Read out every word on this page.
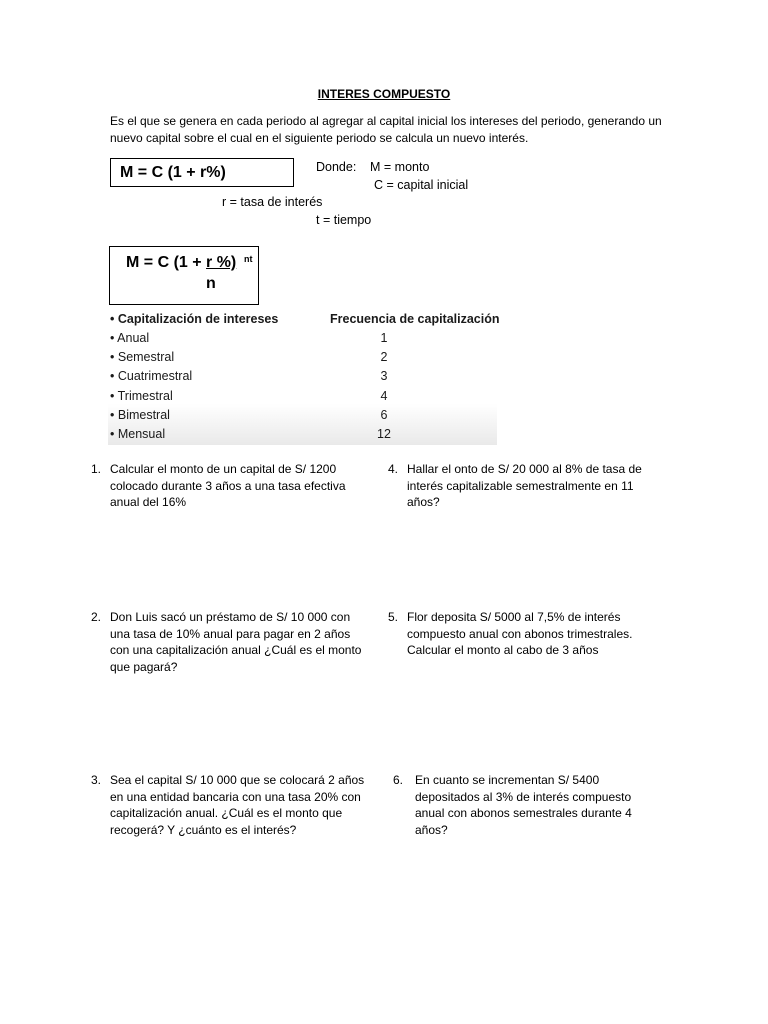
INTERES COMPUESTO
Es el que se genera en cada periodo al agregar al capital inicial los intereses del periodo, generando un nuevo capital sobre el cual en el siguiente periodo se calcula un nuevo interés.
M = C (1 + r%)	Donde: M = monto
C = capital inicial
r = tasa de interés
t = tiempo
M = C (1 + r %) nt
n
• Capitalización de intereses	Frecuencia de capitalización
• Anual	1
• Semestral	2
• Cuatrimestral	3
• Trimestral	4
• Bimestral	6
• Mensual	12
1. Calcular el monto de un capital de S/ 1200 colocado durante 3 años a una tasa efectiva anual del 16%
2. Don Luis sacó un préstamo de S/ 10 000 con una tasa de 10% anual para pagar en 2 años con una capitalización anual ¿Cuál es el monto que pagará?
3. Sea el capital S/ 10 000 que se colocará 2 años en una entidad bancaria con una tasa 20% con capitalización anual. ¿Cuál es el monto que recogerá? Y ¿cuánto es el interés?
4. Hallar el onto de S/ 20 000 al 8% de tasa de interés capitalizable semestralmente en 11 años?
5. Flor deposita S/ 5000 al 7,5% de interés compuesto anual con abonos trimestrales. Calcular el monto al cabo de 3 años
6. En cuanto se incrementan S/ 5400 depositados al 3% de interés compuesto anual con abonos semestrales durante 4 años?
